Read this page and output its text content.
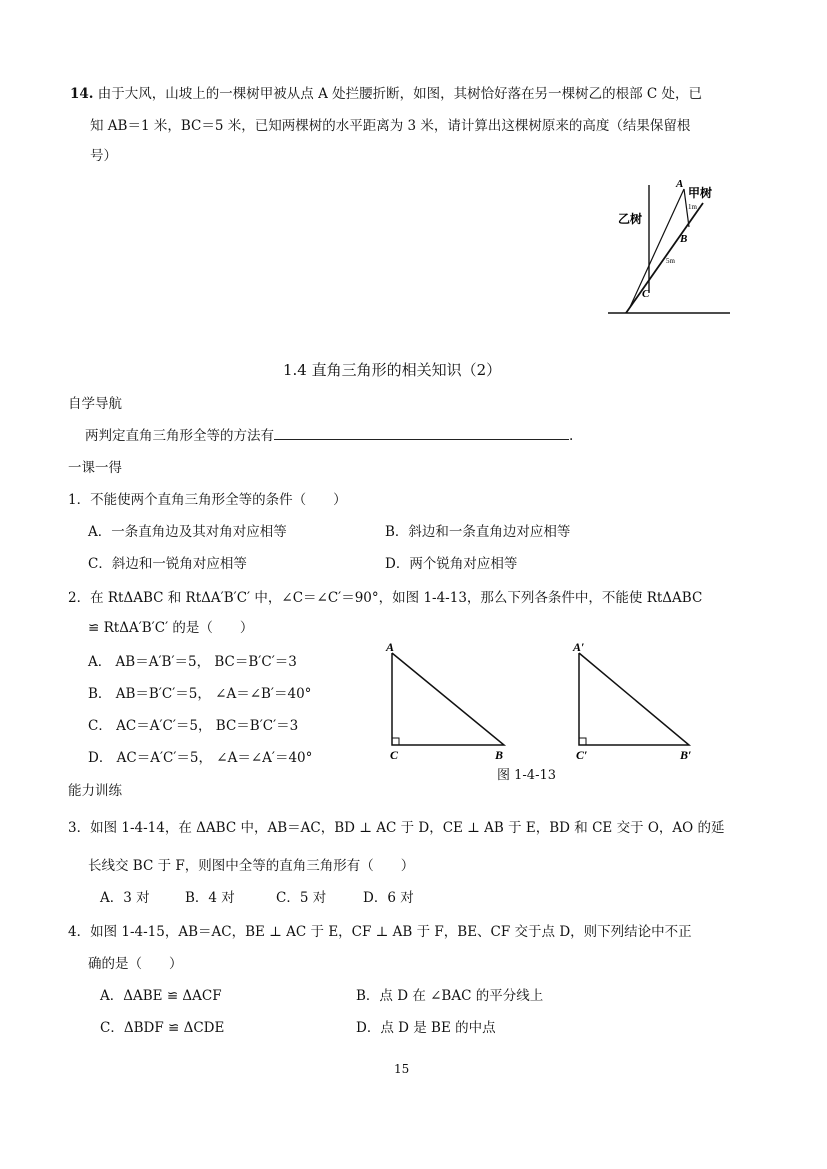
14. 由于大风，山坡上的一棵树甲被从点 A 处拦腰折断，如图，其树恰好落在另一棵树乙的根部 C 处，已
知 AB＝1 米，BC＝5 米，已知两棵树的水平距离为 3 米，请计算出这棵树原来的高度（结果保留根
号）
A
甲树
乙树
B
C
1m
5m
1.4 直角三角形的相关知识（2）
自学导航
两判定直角三角形全等的方法有	.
一课一得
1．不能使两个直角三角形全等的条件（　　）
A．一条直角边及其对角对应相等	B．斜边和一条直角边对应相等
C．斜边和一锐角对应相等	D．两个锐角对应相等
2．在 RtΔABC 和 RtΔA′B′C′ 中，∠C＝∠C′＝90°，如图 1-4-13，那么下列各条件中，不能使 RtΔABC
≌ RtΔA′B′C′ 的是（　　）
A． AB＝A′B′＝5， BC＝B′C′＝3
B． AB＝B′C′＝5， ∠A＝∠B′＝40°
C． AC＝A′C′＝5， BC＝B′C′＝3
D． AC＝A′C′＝5， ∠A＝∠A′＝40°
A
C	B
A′
C′	B′
图 1-4-13
能力训练
3．如图 1-4-14，在 ΔABC 中，AB＝AC，BD ⊥ AC 于 D，CE ⊥ AB 于 E，BD 和 CE 交于 O，AO 的延
长线交 BC 于 F，则图中全等的直角三角形有（　　）
A．3 对	B．4 对	C．5 对	D．6 对
4．如图 1-4-15，AB＝AC，BE ⊥ AC 于 E，CF ⊥ AB 于 F，BE、CF 交于点 D，则下列结论中不正
确的是（　　）
A．ΔABE ≌ ΔACF	B．点 D 在 ∠BAC 的平分线上
C．ΔBDF ≌ ΔCDE	D．点 D 是 BE 的中点
15
